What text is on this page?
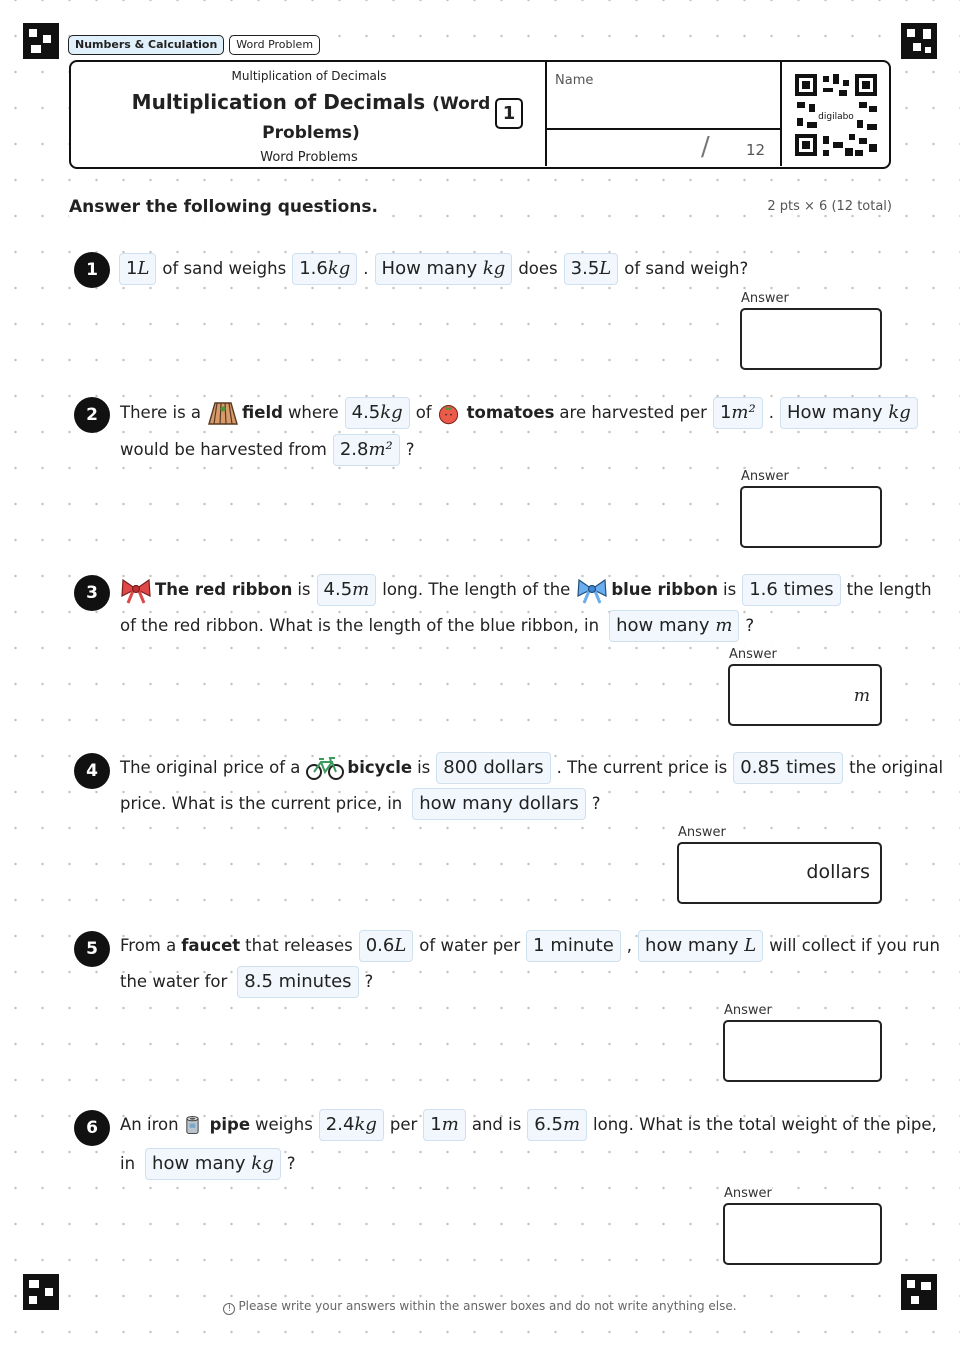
Numbers & Calculation	Word Problem
Multiplication of Decimals
Multiplication of Decimals (Word Problems)
Word Problems
1
Name
/ 12
digilabo
Answer the following questions.	2 pts × 6 (12 total)
1	1L of sand weighs 1.6kg . How many kg does 3.5L of sand weigh?
Answer
2	There is a field where 4.5kg of tomatoes are harvested per 1m² . How many kg
would be harvested from 2.8m² ?
Answer
3	The red ribbon is 4.5m long. The length of the blue ribbon is 1.6 times the length
of the red ribbon. What is the length of the blue ribbon, in how many m ?
Answer
m
4	The original price of a	bicycle is 800 dollars . The current price is 0.85 times the original
price. What is the current price, in how many dollars ?
Answer
dollars
5	From a faucet that releases 0.6L of water per 1 minute , how many L will collect if you run
the water for 8.5 minutes ?
Answer
6	An iron pipe weighs 2.4kg per 1m and is 6.5m long. What is the total weight of the pipe,
in how many kg ?
Answer
! Please write your answers within the answer boxes and do not write anything else.
